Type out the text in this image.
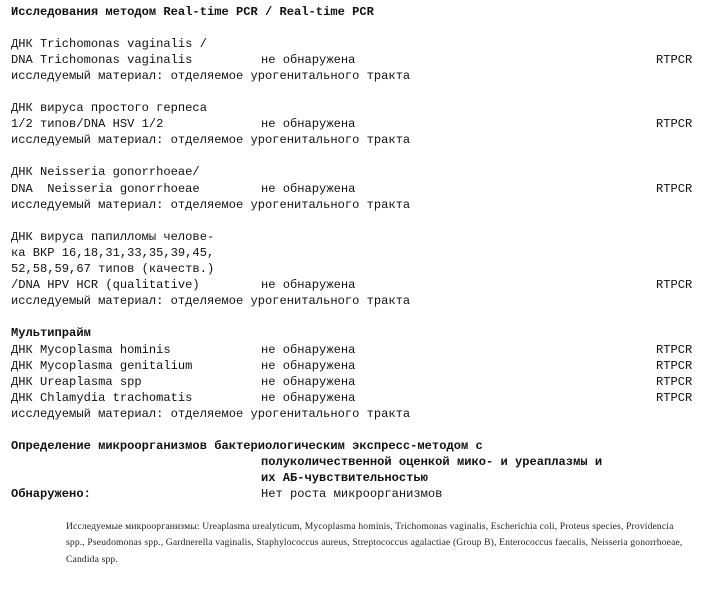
Исследования методом Real-time PCR / Real-time PCR
ДНК Trichomonas vaginalis /
DNA Trichomonas vaginalis	не обнаружена	RTPCR
исследуемый материал: отделяемое урогенитального тракта
ДНК вируса простого герпеса
1/2 типов/DNA HSV 1/2	не обнаружена	RTPCR
исследуемый материал: отделяемое урогенитального тракта
ДНК Neisseria gonorrhoeae/
DNA  Neisseria gonorrhoeae	не обнаружена	RTPCR
исследуемый материал: отделяемое урогенитального тракта
ДНК вируса папилломы челове-
ка ВКР 16,18,31,33,35,39,45,
52,58,59,67 типов (качеств.)
/DNA HPV HCR (qualitative)	не обнаружена	RTPCR
исследуемый материал: отделяемое урогенитального тракта
Мультипрайм
ДНК Mycoplasma hominis	не обнаружена	RTPCR
ДНК Mycoplasma genitalium	не обнаружена	RTPCR
ДНК Ureaplasma spp	не обнаружена	RTPCR
ДНК Chlamydia trachomatis	не обнаружена	RTPCR
исследуемый материал: отделяемое урогенитального тракта
Определение микроорганизмов бактериологическим экспресс-методом с
полуколичественной оценкой мико- и уреаплазмы и
их АБ-чувствительностью
Обнаружено:	Нет роста микроорганизмов
Исследуемые микроорганизмы: Ureaplasma urealyticum, Mycoplasma hominis, Trichomonas vaginalis, Escherichia coli, Proteus species, Providencia spp., Pseudomonas spp., Gardnerella vaginalis, Staphylococcus aureus, Streptococcus agalactiae (Group B), Enterococcus faecalis, Neisseria gonorrhoeae, Candida spp.
